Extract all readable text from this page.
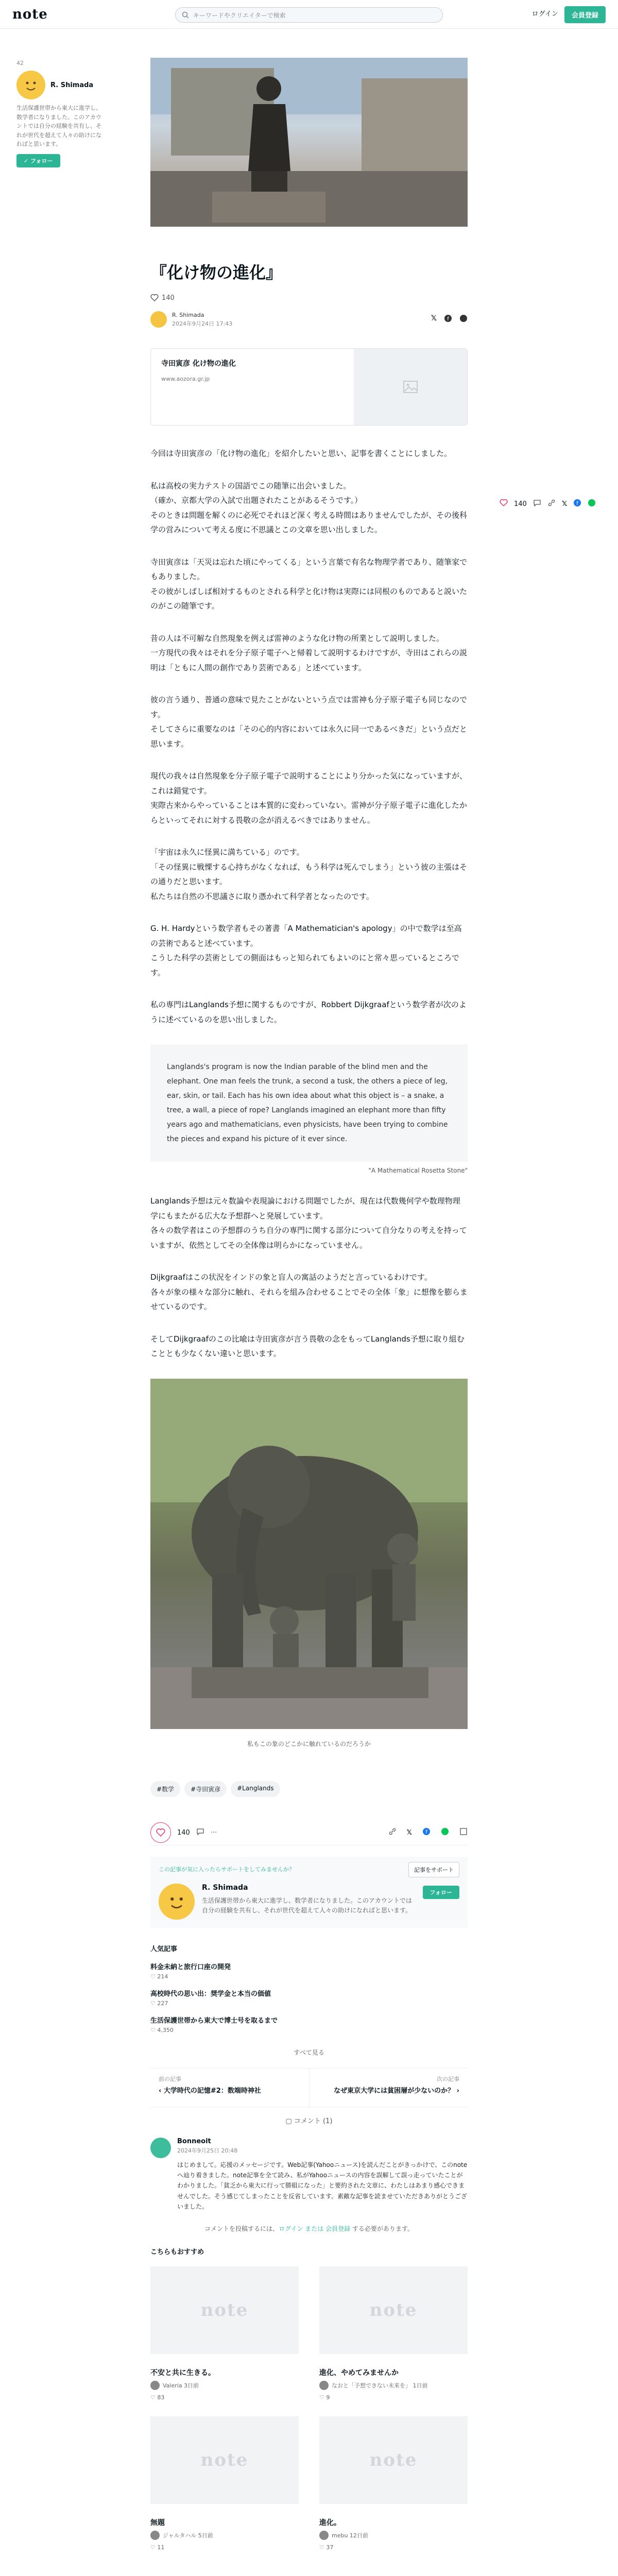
note	キーワードやクリエイターで検索	ログイン	会員登録
42
R. Shimada
生活保護世帯から東大に進学し、数学者になりました。このアカウントでは自分の経験を共有し、それが世代を超えて人々の助けになればと思います。
✓ フォロー
140	𝕏 f
『化け物の進化』
140
R. Shimada
2024年9月24日 17:43
𝕏 f
寺田寅彦 化け物の進化
www.aozora.gr.jp

今回は寺田寅彦の「化け物の進化」を紹介したいと思い、記事を書くことにしました。

私は高校の実力テストの国語でこの随筆に出会いました。
（確か、京都大学の入試で出題されたことがあるそうです。）
そのときは問題を解くのに必死でそれほど深く考える時間はありませんでしたが、その後科学の営みについて考える度に不思議とこの文章を思い出しました。

寺田寅彦は「天災は忘れた頃にやってくる」という言葉で有名な物理学者であり、随筆家でもありました。
その彼がしばしば相対するものとされる科学と化け物は実際には同根のものであると説いたのがこの随筆です。

昔の人は不可解な自然現象を例えば雷神のような化け物の所業として説明しました。
一方現代の我々はそれを分子原子電子へと帰着して説明するわけですが、寺田はこれらの説明は「ともに人間の創作であり芸術である」と述べています。

彼の言う通り、普通の意味で見たことがないという点では雷神も分子原子電子も同じなのです。
そしてさらに重要なのは「その心的内容においては永久に同一であるべきだ」という点だと思います。

現代の我々は自然現象を分子原子電子で説明することにより分かった気になっていますが、これは錯覚です。
実際古来からやっていることは本質的に変わっていない。雷神が分子原子電子に進化したからといってそれに対する畏敬の念が消えるべきではありません。

「宇宙は永久に怪異に満ちている」のです。
「その怪異に戦慄する心持ちがなくなれば、もう科学は死んでしまう」という彼の主張はその通りだと思います。
私たちは自然の不思議さに取り憑かれて科学者となったのです。

G. H. Hardyという数学者もその著書「A Mathematician's apology」の中で数学は至高の芸術であると述べています。
こうした科学の芸術としての側面はもっと知られてもよいのにと常々思っているところです。

私の専門はLanglands予想に関するものですが、Robbert Dijkgraafという数学者が次のように述べているのを思い出しました。

Langlands's program is now the Indian parable of the blind men and the elephant. One man feels the trunk, a second a tusk, the others a piece of leg, ear, skin, or tail. Each has his own idea about what this object is – a snake, a tree, a wall, a piece of rope? Langlands imagined an elephant more than fifty years ago and mathematicians, even physicists, have been trying to combine the pieces and expand his picture of it ever since.
"A Mathematical Rosetta Stone"

Langlands予想は元々数論や表現論における問題でしたが、現在は代数幾何学や数理物理学にもまたがる広大な予想群へと発展しています。
各々の数学者はこの予想群のうち自分の専門に関する部分について自分なりの考えを持っていますが、依然としてその全体像は明らかになっていません。

Dijkgraafはこの状況をインドの象と盲人の寓話のようだと言っているわけです。
各々が象の様々な部分に触れ、それらを組み合わせることでその全体「象」に想像を膨らませているのです。

そしてDijkgraafのこの比喩は寺田寅彦が言う畏敬の念をもってLanglands予想に取り組むこととも少なくない違いと思います。

私もこの象のどこかに触れているのだろうか
#数学	#寺田寅彦	#Langlands
140	···	𝕏	f
この記事が気に入ったらサポートをしてみませんか？	記事をサポート
R. Shimada
生活保護世帯から東大に進学し、数学者になりました。このアカウントでは自分の経験を共有し、それが世代を超えて人々の助けになればと思います。
フォロー
人気記事
料金未納と旅行口座の開発
♡ 214
高校時代の思い出：奨学金と本当の価値
♡ 227
生活保護世帯から東大で博士号を取るまで
♡ 4,350
すべて見る
前の記事
‹ 大学時代の記憶#2：数端時神社
次の記事
なぜ東京大学には貧困層が少ないのか？ ›
▢ コメント (1)
Bonneoit
2024年9月25日 20:48
はじめまして。応援のメッセージです。Web記事(Yahooニュース)を読んだことがきっかけで、このnoteへ辿り着きました。note記事を全て読み、私がYahooニュースの内容を誤解して誤っ走っていたことがわかりました。「貧乏から東大に行って勝組になった」と要約された文章に、わたしはあまり感心できませんでした。そう感じてしまったことを反省しています。素敵な記事を読ませていただきありがとうございました。
コメントを投稿するには、ログイン または 会員登録 する必要があります。
こちらもおすすめ
note
不安と共に生きる。
Valeria 3日前
♡ 83
note
進化、やめてみませんか
なおと「予想できない未来を」 1日前
♡ 9
note
無題
ジャルタハル 5日前
♡ 11
note
進化。
mebu 12日前
♡ 37
